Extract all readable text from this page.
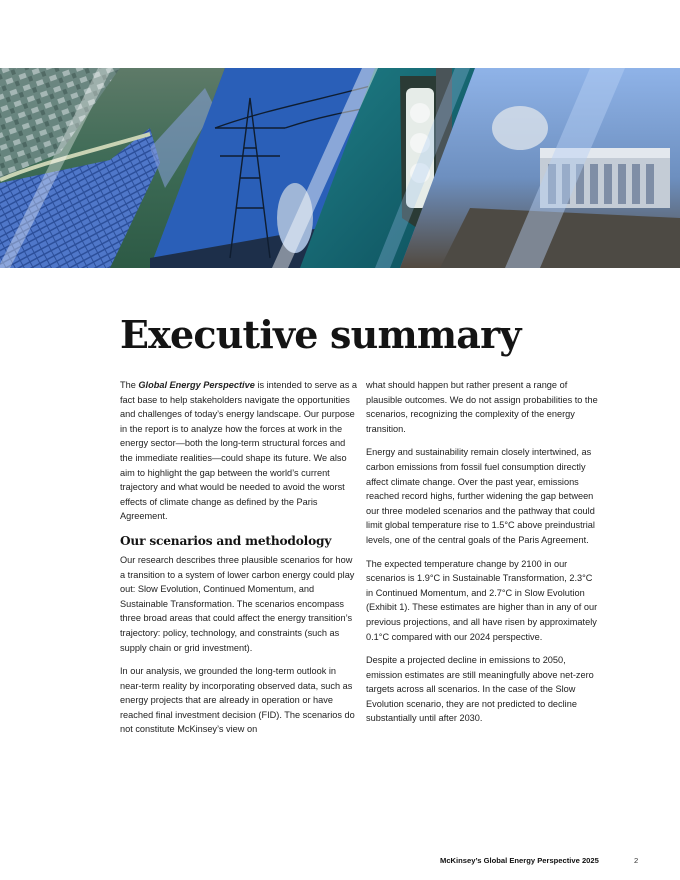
Executive summary

The Global Energy Perspective is intended to serve as a fact base to help stakeholders navigate the opportunities and challenges of today’s energy landscape. Our purpose in the report is to analyze how the forces at work in the energy sector—both the long-term structural forces and the immediate realities—could shape its future. We also aim to highlight the gap between the world’s current trajectory and what would be needed to avoid the worst effects of climate change as defined by the Paris Agreement.

Our scenarios and methodology

Our research describes three plausible scenarios for how a transition to a system of lower carbon energy could play out: Slow Evolution, Continued Momentum, and Sustainable Transformation. The scenarios encompass three broad areas that could affect the energy transition’s trajectory: policy, technology, and constraints (such as supply chain or grid investment).

In our analysis, we grounded the long-term outlook in near-term reality by incorporating observed data, such as energy projects that are already in operation or have reached final investment decision (FID). The scenarios do not constitute McKinsey’s view on

what should happen but rather present a range of plausible outcomes. We do not assign probabilities to the scenarios, recognizing the complexity of the energy transition.

Energy and sustainability remain closely intertwined, as carbon emissions from fossil fuel consumption directly affect climate change. Over the past year, emissions reached record highs, further widening the gap between our three modeled scenarios and the pathway that could limit global temperature rise to 1.5°C above preindustrial levels, one of the central goals of the Paris Agreement.

The expected temperature change by 2100 in our scenarios is 1.9°C in Sustainable Transformation, 2.3°C in Continued Momentum, and 2.7°C in Slow Evolution (Exhibit 1). These estimates are higher than in any of our previous projections, and all have risen by approximately 0.1°C compared with our 2024 perspective.

Despite a projected decline in emissions to 2050, emission estimates are still meaningfully above net-zero targets across all scenarios. In the case of the Slow Evolution scenario, they are not predicted to decline substantially until after 2030.

McKinsey’s Global Energy Perspective 2025	2
